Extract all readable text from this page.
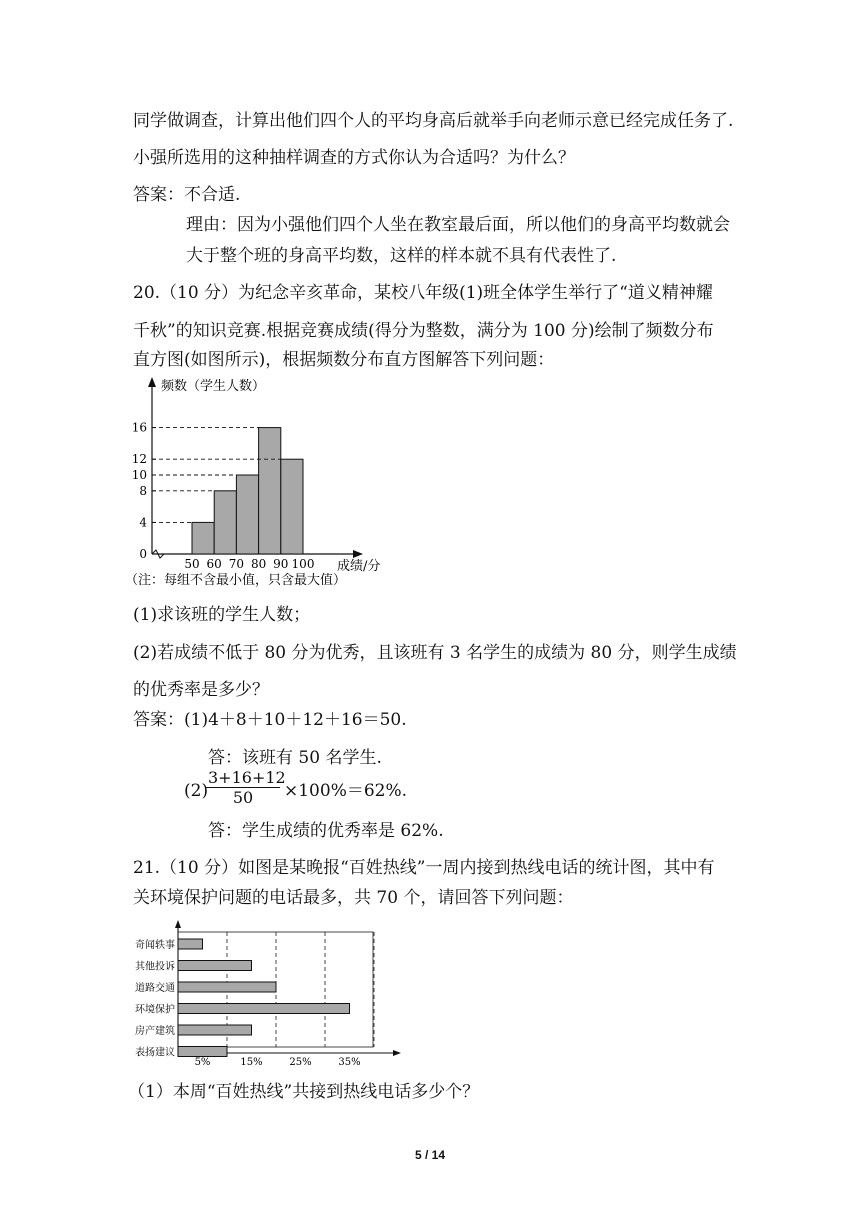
同学做调查，计算出他们四个人的平均身高后就举手向老师示意已经完成任务了.
小强所选用的这种抽样调查的方式你认为合适吗？为什么？
答案：不合适.
理由：因为小强他们四个人坐在教室最后面，所以他们的身高平均数就会
大于整个班的身高平均数，这样的样本就不具有代表性了.
20.（10 分）为纪念辛亥革命，某校八年级(1)班全体学生举行了“道义精神耀
千秋”的知识竞赛.根据竞赛成绩(得分为整数，满分为 100 分)绘制了频数分布
直方图(如图所示)，根据频数分布直方图解答下列问题：
频数（学生人数）
0
4
8
10
12
16
50 60 70 80 90 100 成绩/分
（注：每组不含最小值，只含最大值）
(1)求该班的学生人数；
(2)若成绩不低于 80 分为优秀，且该班有 3 名学生的成绩为 80 分，则学生成绩
的优秀率是多少？
答案：(1)4＋8＋10＋12＋16＝50.
答：该班有 50 名学生.
(2)
$\frac{3+16+12}{50} \times 100\%=62\%$.
答：学生成绩的优秀率是 62%.
21.（10 分）如图是某晚报“百姓热线”一周内接到热线电话的统计图，其中有
关环境保护问题的电话最多，共 70 个，请回答下列问题：
奇闻轶事
其他投诉
道路交通
环境保护
房产建筑
表扬建议
5%	15%	25%	35%
（1）本周“百姓热线”共接到热线电话多少个？
5 / 14
